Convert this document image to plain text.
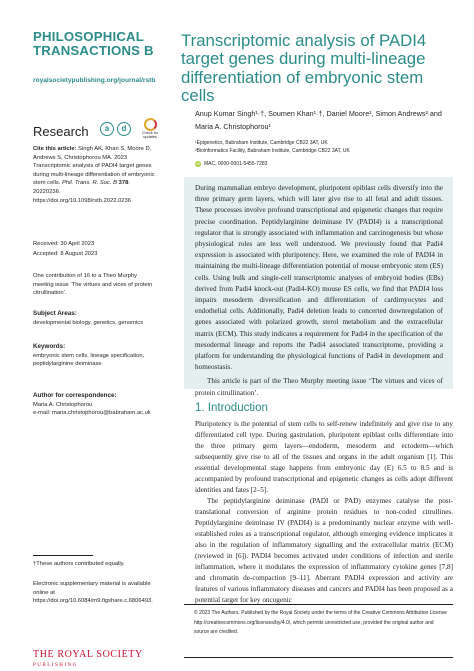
PHILOSOPHICAL
TRANSACTIONS B
royalsocietypublishing.org/journal/rstb
Research	a	d	Check for updates
Cite this article: Singh AK, Khan S, Moore D, Andrews S, Christophorou MA. 2023 Transcriptomic analysis of PADI4 target genes during multi-lineage differentiation of embryonic stem cells. Phil. Trans. R. Soc. B 378: 20220236. https://doi.org/10.1098/rstb.2022.0236
Received: 30 April 2023
Accepted: 8 August 2023
One contribution of 16 to a Theo Murphy meeting issue ‘The virtues and vices of protein citrullination’.
Subject Areas:
developmental biology, genetics, genomics
Keywords:
embryonic stem cells, lineage specification, peptidylarginine deiminase
Author for correspondence:
Maria A. Christophorou
e-mail: maria.christophorou@babraham.ac.uk
†These authors contributed equally.
Electronic supplementary material is available online at https://doi.org/10.6084/m9.figshare.c.6806493.
THE ROYAL SOCIETY
PUBLISHING
Transcriptomic analysis of PADI4 target genes during multi-lineage differentiation of embryonic stem cells
Anup Kumar Singh¹·†, Soumen Khan¹·†, Daniel Moore¹, Simon Andrews² and
Maria A. Christophorou¹
¹Epigenetics, Babraham Institute, Cambridge CB22 3AT, UK
²Bioinformatics Facility, Babraham Institute, Cambridge CB22 3AT, UK
iD MAC, 0000-0001-5455-7283
During mammalian embryo development, pluripotent epiblast cells diversify into the three primary germ layers, which will later give rise to all fetal and adult tissues. These processes involve profound transcriptional and epigenetic changes that require precise coordination. Peptidylarginine deiminase IV (PADI4) is a transcriptional regulator that is strongly associated with inflammation and carcinogenesis but whose physiological roles are less well understood. We previously found that Padi4 expression is associated with pluripotency. Here, we examined the role of PADI4 in maintaining the multi-lineage differentiation potential of mouse embryonic stem (ES) cells. Using bulk and single-cell transcriptomic analyses of embryoid bodies (EBs) derived from Padi4 knock-out (Padi4-KO) mouse ES cells, we find that PADI4 loss impairs mesoderm diversification and differentiation of cardimyocytes and endothelial cells. Additionally, Padi4 deletion leads to concerted downregulation of genes associated with polarized growth, sterol metabolism and the extracellular matrix (ECM). This study indicates a requirement for Padi4 in the specification of the mesodermal lineage and reports the Padi4 associated transcriptome, providing a platform for understanding the physiological functions of Padi4 in development and homeostasis.
This article is part of the Theo Murphy meeting issue ‘The virtues and vices of protein citrullination’.
1. Introduction

Pluripotency is the potential of stem cells to self-renew indefinitely and give rise to any differentiated cell type. During gastrulation, pluripotent epiblast cells differentiate into the three primary germ layers—endoderm, mesoderm and ectoderm—which subsequently give rise to all of the tissues and organs in the adult organism [1]. This essential developmental stage happens from embryonic day (E) 6.5 to 8.5 and is accompanied by profound transcriptional and epigenetic changes as cells adopt different identities and fates [2–5].

The peptidylarginine deiminase (PADI or PAD) enzymes catalyse the post-translational conversion of arginine protein residues to non-coded citrullines. Peptidylarginine deiminase IV (PADI4) is a predominantly nuclear enzyme with well-established roles as a transcriptional regulator, although emerging evidence implicates it also in the regulation of inflammatory signalling and the extracellular matrix (ECM) (reviewed in [6]). PADI4 becomes activated under conditions of infection and sterile inflammation, where it modulates the expression of inflammatory cytokine genes [7,8] and chromatin de-compaction [9–11]. Aberrant PADI4 expression and activity are features of various inflammatory diseases and cancers and PADI4 has been proposed as a potential target for key oncogenic

© 2023 The Authors. Published by the Royal Society under the terms of the Creative Commons Attribution License http://creativecommons.org/licenses/by/4.0/, which permits unrestricted use, provided the original author and source are credited.
